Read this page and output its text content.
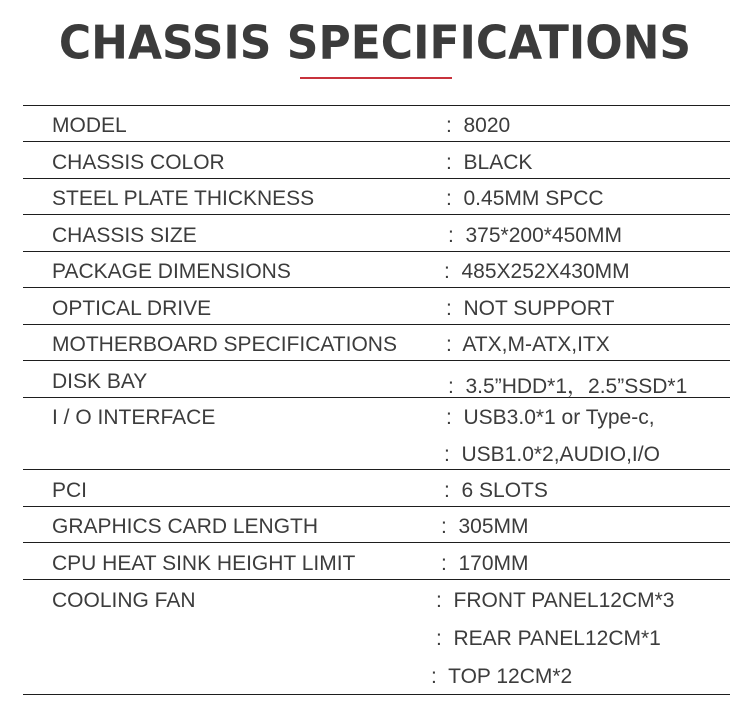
CHASSIS SPECIFICATIONS
MODEL	:  8020
CHASSIS COLOR	:  BLACK
STEEL PLATE THICKNESS	:  0.45MM SPCC
CHASSIS SIZE	:  375*200*450MM
PACKAGE DIMENSIONS	:  485X252X430MM
OPTICAL DRIVE	:  NOT SUPPORT
MOTHERBOARD SPECIFICATIONS :  ATX,M-ATX,ITX
DISK BAY	:  3.5”HDD*1，2.5”SSD*1
I / O INTERFACE	:  USB3.0*1 or Type-c,
:  USB1.0*2,AUDIO,I/O
PCI	:  6 SLOTS
GRAPHICS CARD LENGTH	:  305MM
CPU HEAT SINK HEIGHT LIMIT	:  170MM
COOLING FAN	:  FRONT PANEL12CM*3
:  REAR PANEL12CM*1
:  TOP 12CM*2
